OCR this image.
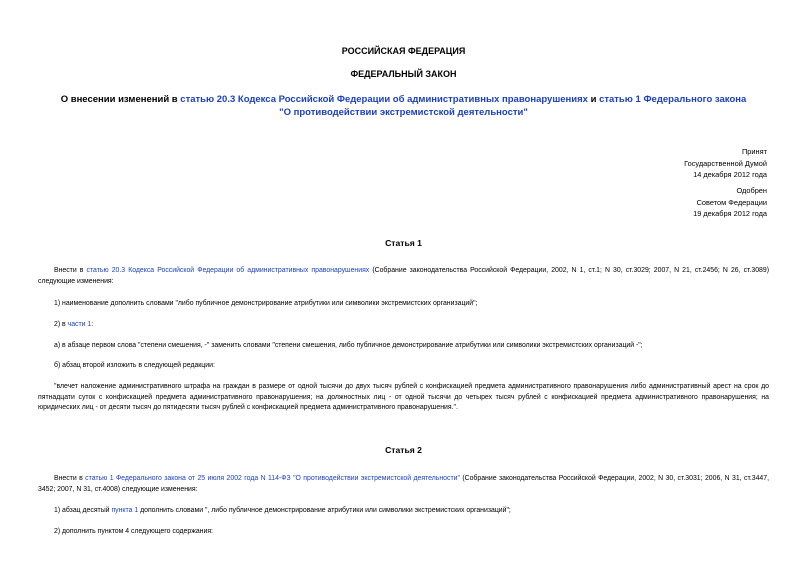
РОССИЙСКАЯ ФЕДЕРАЦИЯ
ФЕДЕРАЛЬНЫЙ ЗАКОН
О внесении изменений в статью 20.3 Кодекса Российской Федерации об административных правонарушениях и статью 1 Федерального закона "О противодействии экстремистской деятельности"
Принят
Государственной Думой
14 декабря 2012 года
Одобрен
Советом Федерации
19 декабря 2012 года
Статья 1
Внести в статью 20.3 Кодекса Российской Федерации об административных правонарушениях (Собрание законодательства Российской Федерации, 2002, N 1, ст.1; N 30, ст.3029; 2007, N 21, ст.2456; N 26, ст.3089) следующие изменения:
1) наименование дополнить словами "либо публичное демонстрирование атрибутики или символики экстремистских организаций";
2) в части 1:
а) в абзаце первом слова "степени смешения, -" заменить словами "степени смешения, либо публичное демонстрирование атрибутики или символики экстремистских организаций -";
б) абзац второй изложить в следующей редакции:
"влечет наложение административного штрафа на граждан в размере от одной тысячи до двух тысяч рублей с конфискацией предмета административного правонарушения либо административный арест на срок до пятнадцати суток с конфискацией предмета административного правонарушения; на должностных лиц - от одной тысячи до четырех тысяч рублей с конфискацией предмета административного правонарушения; на юридических лиц - от десяти тысяч до пятидесяти тысяч рублей с конфискацией предмета административного правонарушения.".
Статья 2
Внести в статью 1 Федерального закона от 25 июля 2002 года N 114-ФЗ "О противодействии экстремистской деятельности" (Собрание законодательства Российской Федерации, 2002, N 30, ст.3031; 2006, N 31, ст.3447, 3452; 2007, N 31, ст.4008) следующие изменения:
1) абзац десятый пункта 1 дополнить словами ", либо публичное демонстрирование атрибутики или символики экстремистских организаций";
2) дополнить пунктом 4 следующего содержания:
